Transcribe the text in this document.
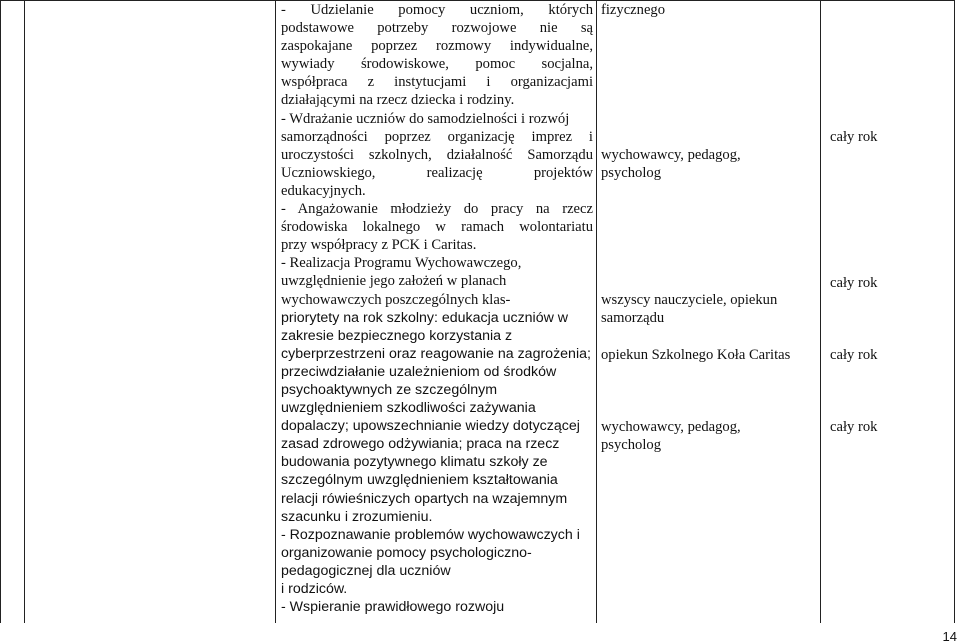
- Udzielanie pomocy uczniom, których

podstawowe potrzeby rozwojowe nie są

zaspokajane poprzez rozmowy indywidualne,

wywiady środowiskowe, pomoc socjalna,

współpraca z instytucjami i organizacjami

działającymi na rzecz dziecka i rodziny.

- Wdrażanie uczniów do samodzielności i rozwój

samorządności poprzez organizację imprez i

uroczystości szkolnych, działalność Samorządu

Uczniowskiego, realizację projektów

edukacyjnych.

- Angażowanie młodzieży do pracy na rzecz

środowiska lokalnego w ramach wolontariatu

przy współpracy z PCK i Caritas.

- Realizacja Programu Wychowawczego,

uwzględnienie jego założeń w planach

wychowawczych poszczególnych klas-

priorytety na rok szkolny: edukacja uczniów w

zakresie bezpiecznego korzystania z

cyberprzestrzeni oraz reagowanie na zagrożenia;

przeciwdziałanie uzależnieniom od środków

psychoaktywnych ze szczególnym

uwzględnieniem szkodliwości zażywania

dopalaczy; upowszechnianie wiedzy dotyczącej

zasad zdrowego odżywiania; praca na rzecz

budowania pozytywnego klimatu szkoły ze

szczególnym uwzględnieniem kształtowania

relacji rówieśniczych opartych na wzajemnym

szacunku i zrozumieniu.

- Rozpoznawanie problemów wychowawczych i

organizowanie pomocy psychologiczno-

pedagogicznej dla uczniów

i rodziców.

- Wspieranie prawidłowego rozwoju

fizycznego
wychowawcy, pedagog,
psycholog
wszyscy nauczyciele, opiekun
samorządu
opiekun Szkolnego Koła Caritas
wychowawcy, pedagog,
psycholog
cały rok
cały rok
cały rok
cały rok
14
